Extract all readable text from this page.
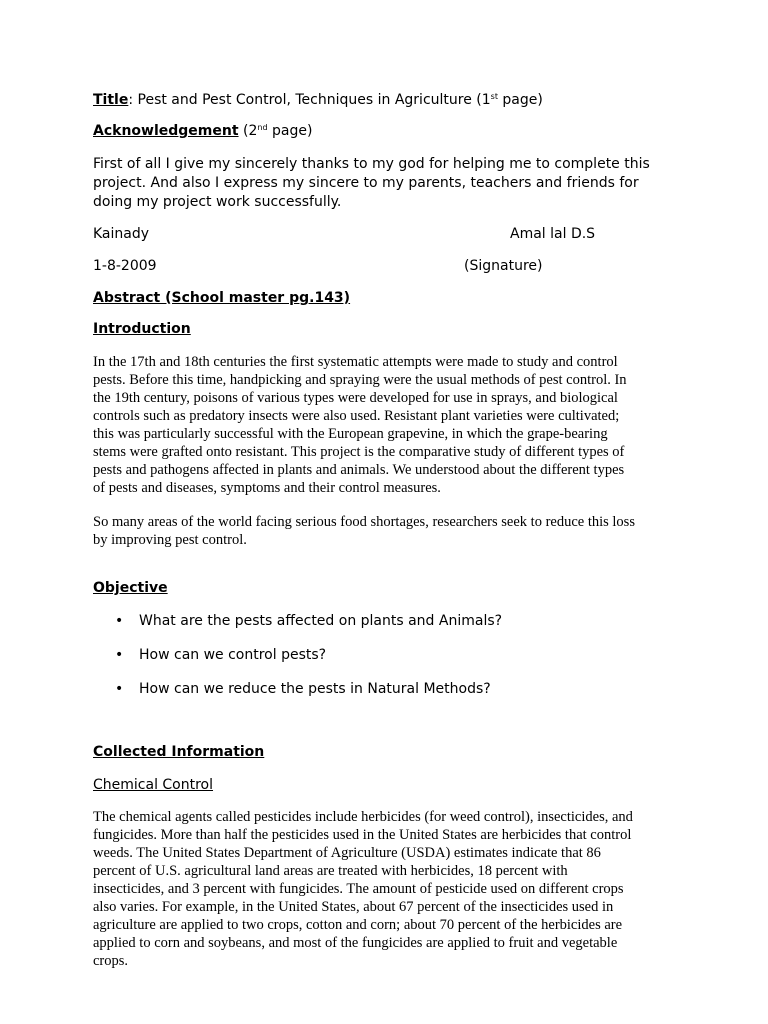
Title: Pest and Pest Control, Techniques in Agriculture (1st page)

Acknowledgement (2nd page)

First of all I give my sincerely thanks to my god for helping me to complete this
project. And also I express my sincere to my parents, teachers and friends for
doing my project work successfully.
Kainady	Amal lal D.S
1-8-2009	(Signature)

Abstract (School master pg.143)

Introduction

In the 17th and 18th centuries the first systematic attempts were made to study and control
pests. Before this time, handpicking and spraying were the usual methods of pest control. In
the 19th century, poisons of various types were developed for use in sprays, and biological
controls such as predatory insects were also used. Resistant plant varieties were cultivated;
this was particularly successful with the European grapevine, in which the grape-bearing
stems were grafted onto resistant. This project is the comparative study of different types of
pests and pathogens affected in plants and animals. We understood about the different types
of pests and diseases, symptoms and their control measures.
So many areas of the world facing serious food shortages, researchers seek to reduce this loss
by improving pest control.

Objective

• What are the pests affected on plants and Animals?
• How can we control pests?
• How can we reduce the pests in Natural Methods?

Collected Information

Chemical Control

The chemical agents called pesticides include herbicides (for weed control), insecticides, and
fungicides. More than half the pesticides used in the United States are herbicides that control
weeds. The United States Department of Agriculture (USDA) estimates indicate that 86
percent of U.S. agricultural land areas are treated with herbicides, 18 percent with
insecticides, and 3 percent with fungicides. The amount of pesticide used on different crops
also varies. For example, in the United States, about 67 percent of the insecticides used in
agriculture are applied to two crops, cotton and corn; about 70 percent of the herbicides are
applied to corn and soybeans, and most of the fungicides are applied to fruit and vegetable
crops.
